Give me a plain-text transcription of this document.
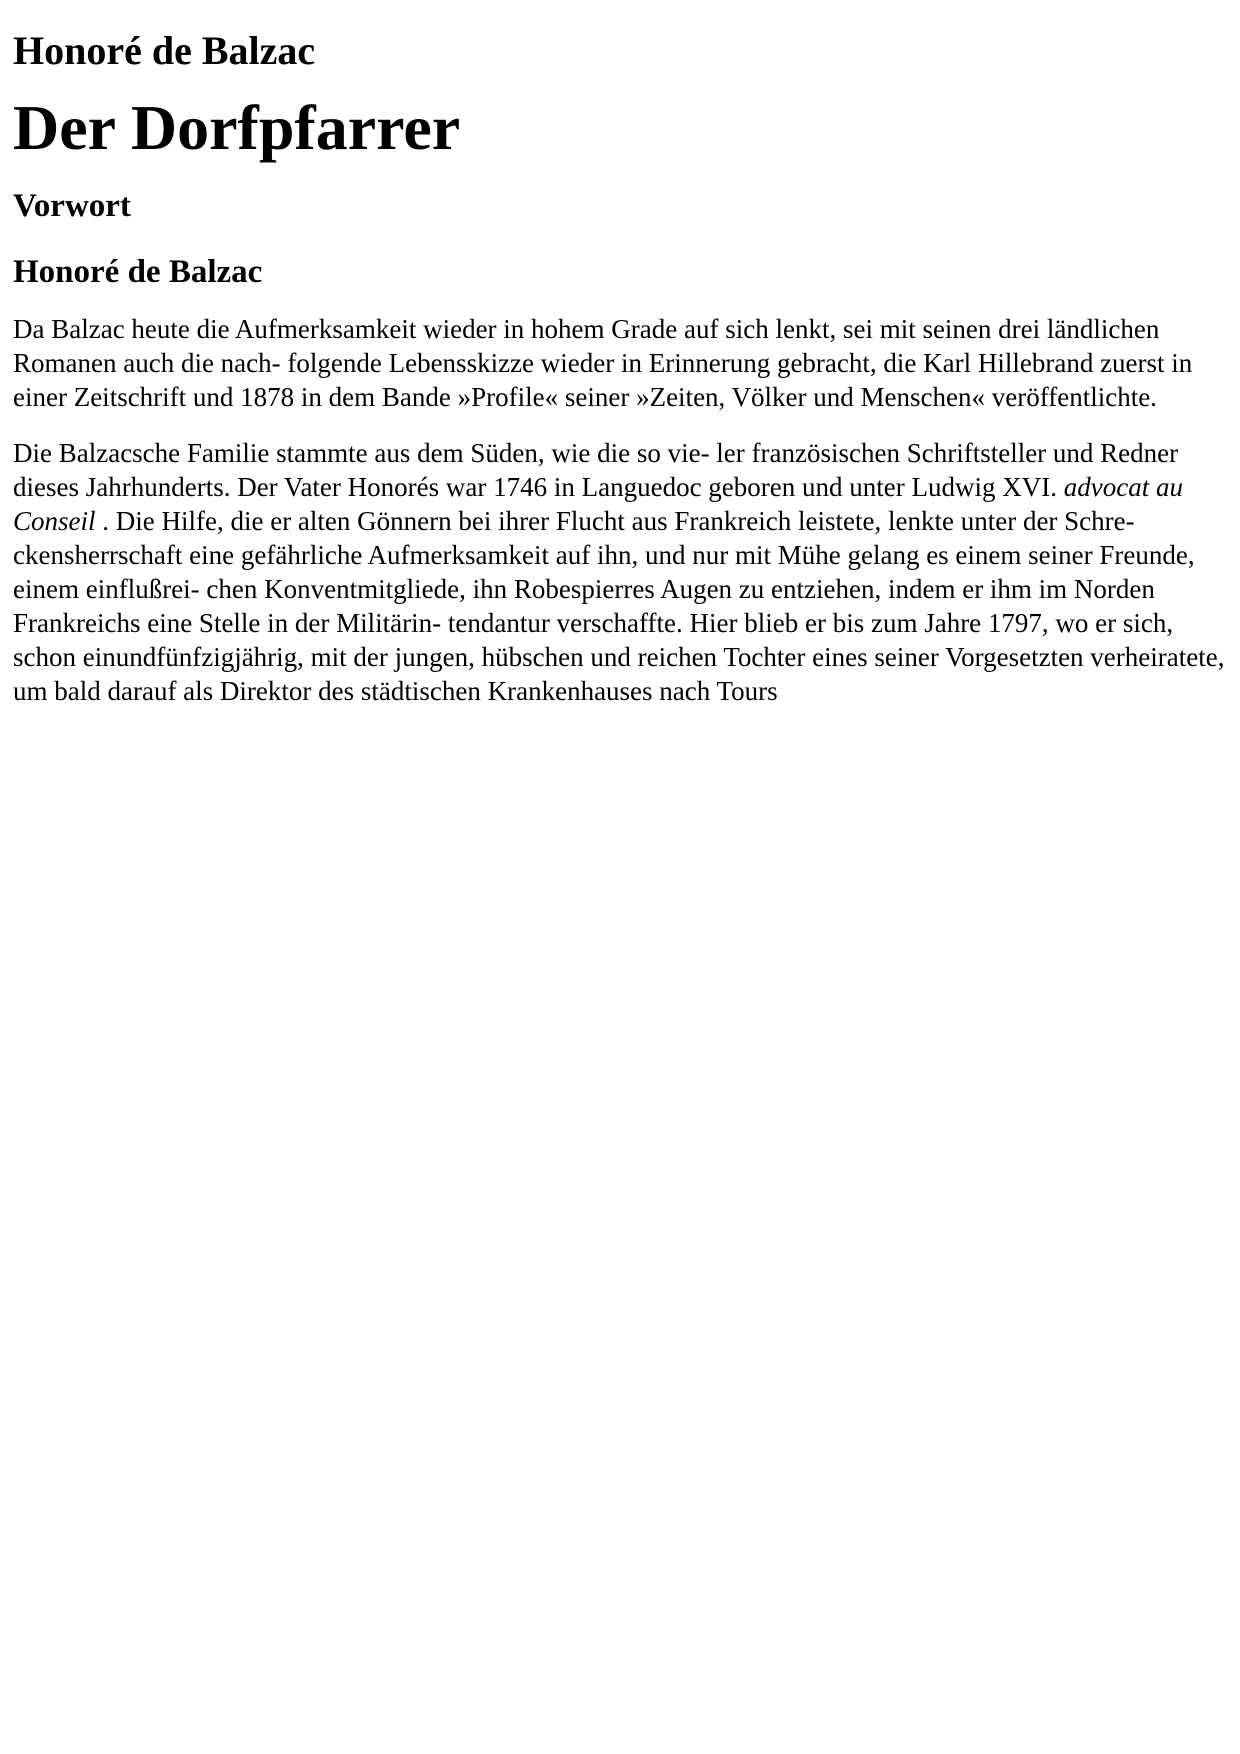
Honoré de Balzac
Der Dorfpfarrer
Vorwort
Honoré de Balzac

Da Balzac heute die Aufmerksamkeit wieder in hohem Grade auf sich lenkt, sei mit seinen drei ländlichen Romanen auch die nach- folgende Lebensskizze wieder in Erinnerung gebracht, die Karl Hillebrand zuerst in einer Zeitschrift und 1878 in dem Bande »Profile« seiner »Zeiten, Völker und Menschen« veröffentlichte.

Die Balzacsche Familie stammte aus dem Süden, wie die so vie- ler französischen Schriftsteller und Redner dieses Jahrhunderts. Der Vater Honorés war 1746 in Languedoc geboren und unter Ludwig XVI. advocat au Conseil . Die Hilfe, die er alten Gönnern bei ihrer Flucht aus Frankreich leistete, lenkte unter der Schre- ckensherrschaft eine gefährliche Aufmerksamkeit auf ihn, und nur mit Mühe gelang es einem seiner Freunde, einem einflußrei- chen Konventmitgliede, ihn Robespierres Augen zu entziehen, indem er ihm im Norden Frankreichs eine Stelle in der Militärin- tendantur verschaffte. Hier blieb er bis zum Jahre 1797, wo er sich, schon einundfünfzigjährig, mit der jungen, hübschen und reichen Tochter eines seiner Vorgesetzten verheiratete, um bald darauf als Direktor des städtischen Krankenhauses nach Tours
